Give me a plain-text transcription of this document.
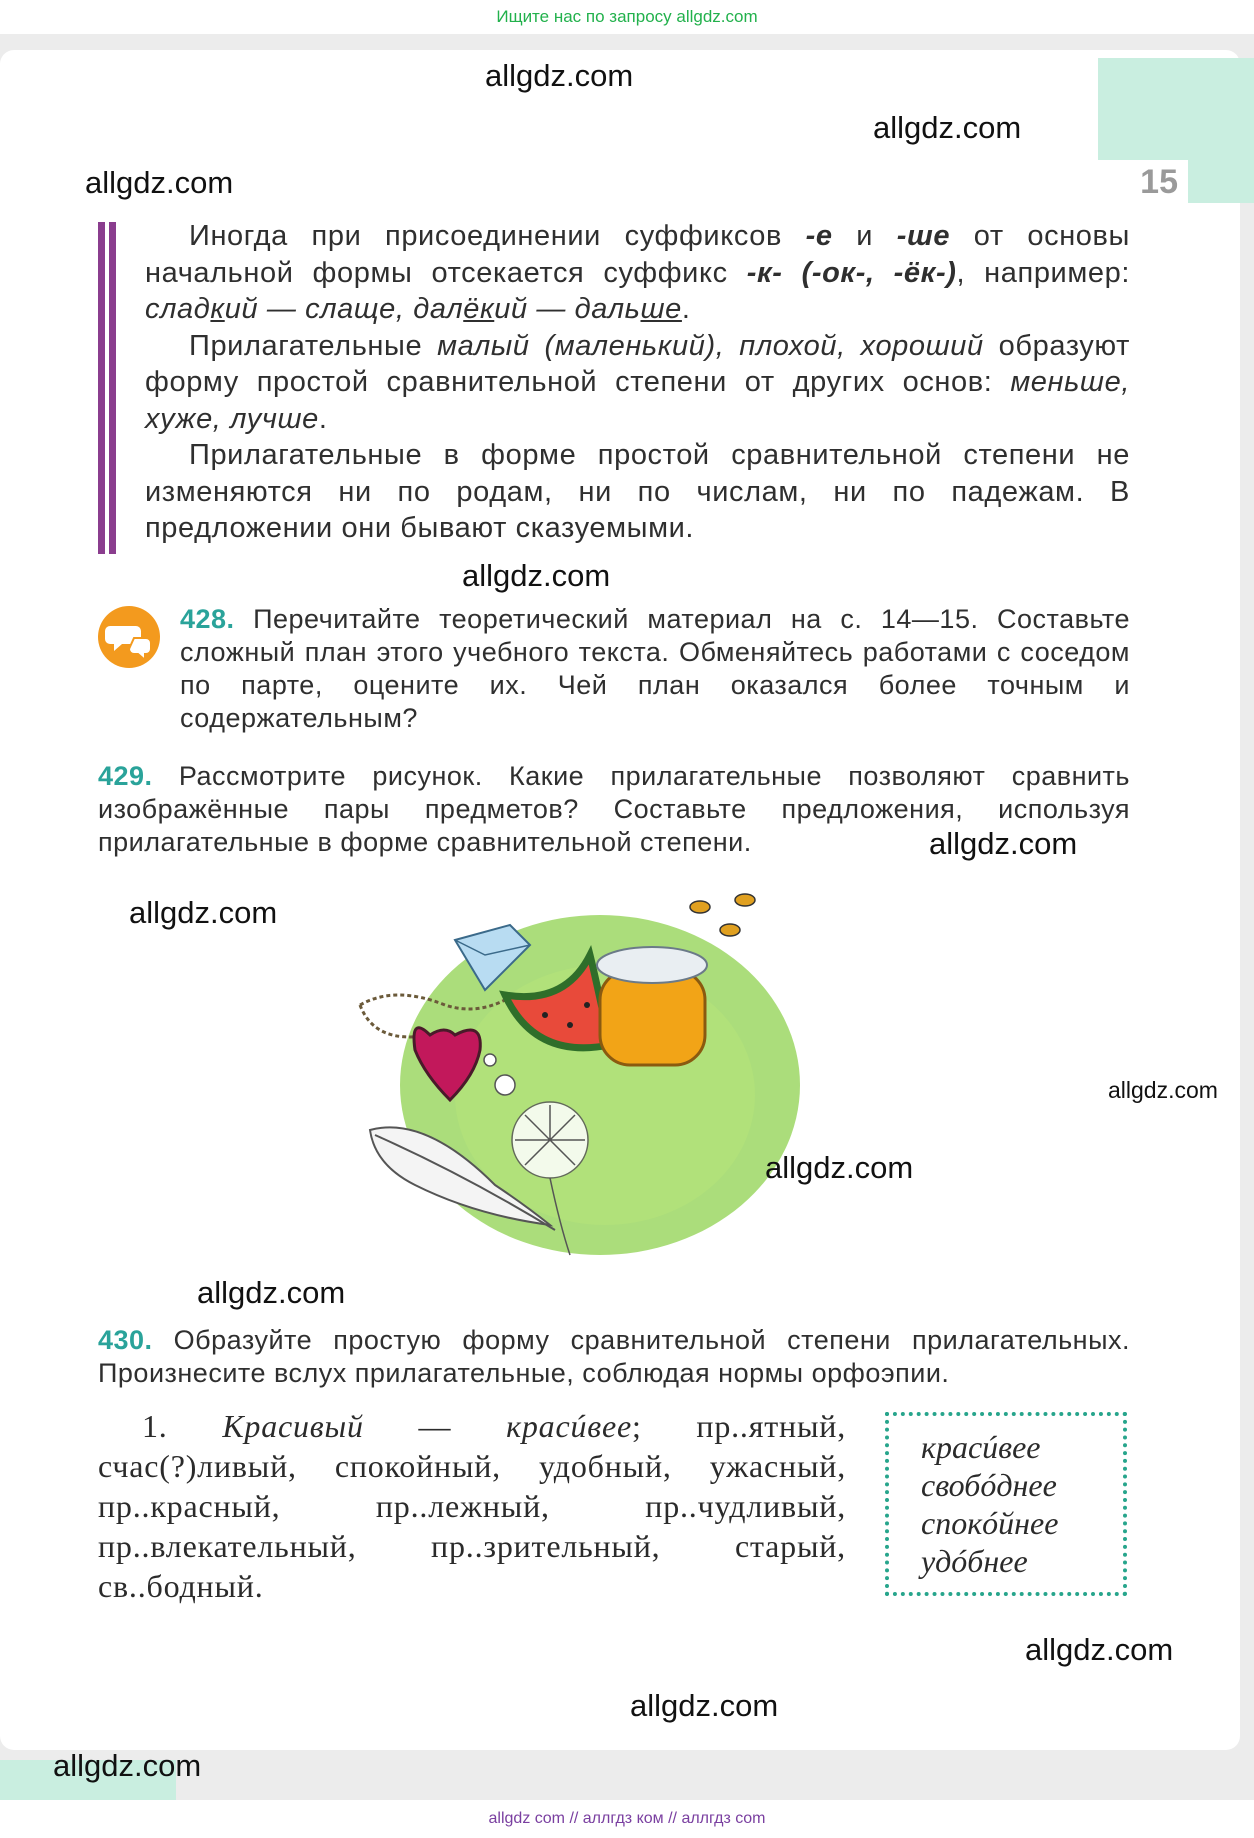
Ищите нас по запросу allgdz.com
15

Иногда при присоединении суффиксов -е и -ше от основы начальной формы отсекается суффикс -к- (-ок-, -ёк-), например: сладкий — слаще, далёкий — дальше.

Прилагательные малый (маленький), плохой, хороший образуют форму простой сравнительной степени от других основ: меньше, хуже, лучше.

Прилагательные в форме простой сравнительной степени не изменяются ни по родам, ни по числам, ни по падежам. В предложении они бывают сказуемыми.

428. Перечитайте теоретический материал на с. 14—15. Составьте сложный план этого учебного текста. Обменяйтесь работами с соседом по парте, оцените их. Чей план оказался более точным и содержательным?
429. Рассмотрите рисунок. Какие прилагательные позволяют сравнить изображённые пары предметов? Составьте предложения, используя прилагательные в форме сравнительной степени.
430. Образуйте простую форму сравнительной степени прилагательных. Произнесите вслух прилагательные, соблюдая нормы орфоэпии.
1. Красивый — красúвее; пр..ятный, счас(?)ливый, спокойный, удобный, ужасный, пр..красный, пр..лежный, пр..чудливый, пр..влекательный, пр..зрительный, старый, св..бодный.
красúвее
свобóднее
спокóйнее
удóбнее
allgdz.com
allgdz.com
allgdz.com
allgdz.com
allgdz.com
allgdz.com
allgdz.com
allgdz.com
allgdz.com
allgdz.com
allgdz.com
allgdz.com
allgdz com // аллгдз ком // аллгдз com
